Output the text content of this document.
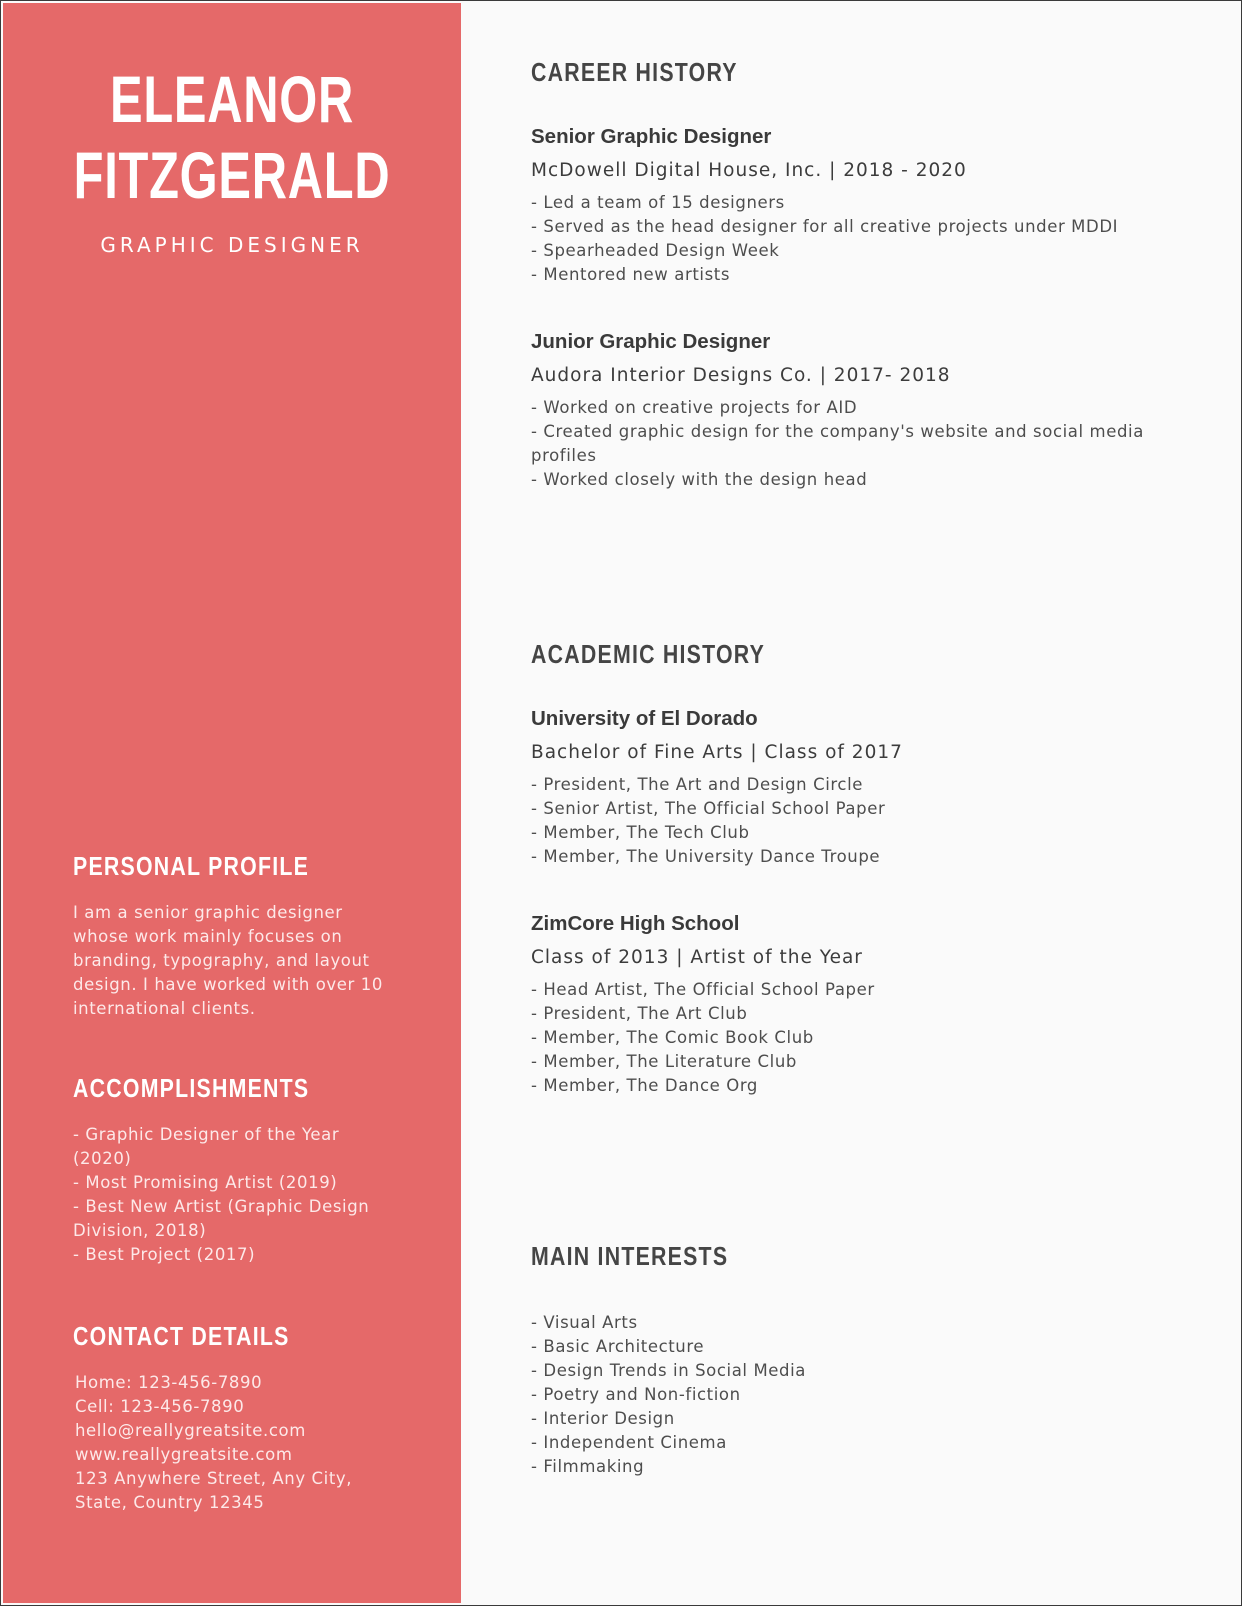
ELEANOR
FITZGERALD
GRAPHIC DESIGNER
PERSONAL PROFILE
I am a senior graphic designer whose work mainly focuses on branding, typography, and layout design. I have worked with over 10 international clients.
ACCOMPLISHMENTS
- Graphic Designer of the Year (2020)
- Most Promising Artist (2019)
- Best New Artist (Graphic Design Division, 2018)
- Best Project (2017)
CONTACT DETAILS
Home: 123-456-7890
Cell: 123-456-7890
hello@reallygreatsite.com
www.reallygreatsite.com
123 Anywhere Street, Any City, State, Country 12345
CAREER HISTORY
Senior Graphic Designer
McDowell Digital House, Inc. | 2018 - 2020
- Led a team of 15 designers
- Served as the head designer for all creative projects under MDDI
- Spearheaded Design Week
- Mentored new artists
Junior Graphic Designer
Audora Interior Designs Co. | 2017- 2018
- Worked on creative projects for AID
- Created graphic design for the company's website and social media profiles
- Worked closely with the design head
ACADEMIC HISTORY
University of El Dorado
Bachelor of Fine Arts | Class of 2017
- President, The Art and Design Circle
- Senior Artist, The Official School Paper
- Member, The Tech Club
- Member, The University Dance Troupe
ZimCore High School
Class of 2013 | Artist of the Year
- Head Artist, The Official School Paper
- President, The Art Club
- Member, The Comic Book Club
- Member, The Literature Club
- Member, The Dance Org
MAIN INTERESTS
- Visual Arts
- Basic Architecture
- Design Trends in Social Media
- Poetry and Non-fiction
- Interior Design
- Independent Cinema
- Filmmaking
